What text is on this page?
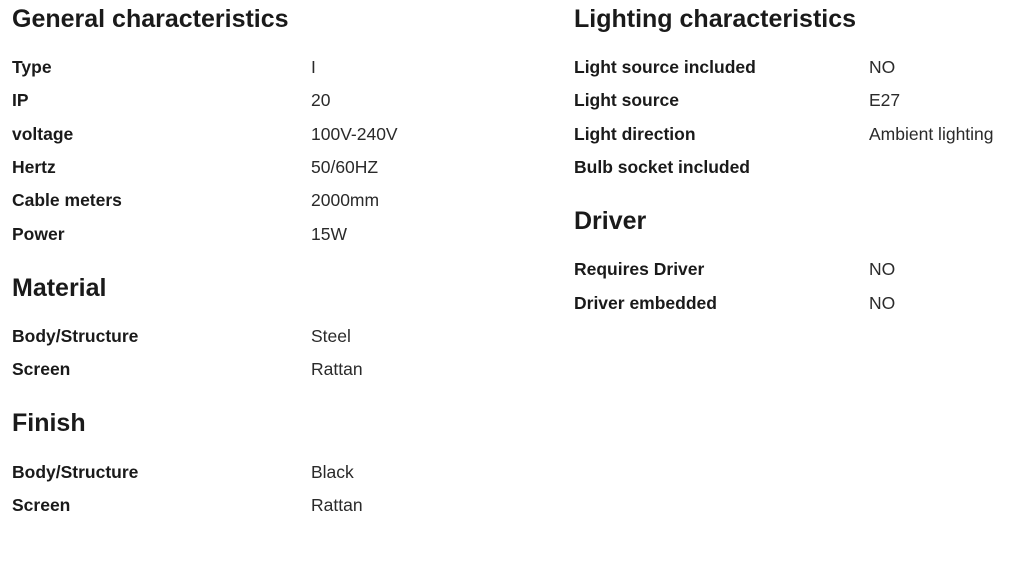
General characteristics
Type	I
IP	20
voltage	100V-240V
Hertz	50/60HZ
Cable meters	2000mm
Power	15W
Material
Body/Structure	Steel
Screen	Rattan
Finish
Body/Structure	Black
Screen	Rattan
Lighting characteristics
Light source included	NO
Light source	E27
Light direction	Ambient lighting
Bulb socket included
Driver
Requires Driver	NO
Driver embedded	NO
